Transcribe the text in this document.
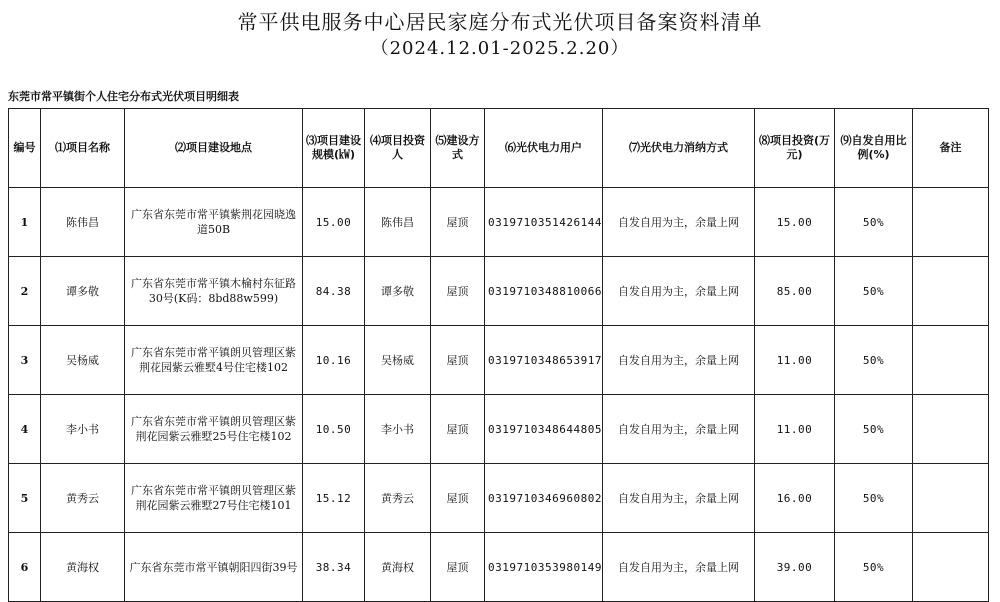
常平供电服务中心居民家庭分布式光伏项目备案资料清单
（2024.12.01-2025.2.20）
东莞市常平镇街个人住宅分布式光伏项目明细表
编号	⑴项目名称	⑵项目建设地点	⑶项目建设规模(㎾)	⑷项目投资人	⑸建设方式	⑹光伏电力用户	⑺光伏电力消纳方式	⑻项目投资(万元)	⑼自发自用比例(%)	备注
1	陈伟昌	广东省东莞市常平镇紫荆花园晓逸道50B	15.00	陈伟昌	屋顶	0319710351426144	自发自用为主，余量上网	15.00	50%	
2	谭多敬	广东省东莞市常平镇木棆村东征路30号(K码：8bd88w599)	84.38	谭多敬	屋顶	0319710348810066	自发自用为主，余量上网	85.00	50%	
3	吴杨威	广东省东莞市常平镇朗贝管理区紫荆花园紫云雅墅4号住宅楼102	10.16	吴杨威	屋顶	0319710348653917	自发自用为主，余量上网	11.00	50%	
4	李小书	广东省东莞市常平镇朗贝管理区紫荆花园紫云雅墅25号住宅楼102	10.50	李小书	屋顶	0319710348644805	自发自用为主，余量上网	11.00	50%	
5	黄秀云	广东省东莞市常平镇朗贝管理区紫荆花园紫云雅墅27号住宅楼101	15.12	黄秀云	屋顶	0319710346960802	自发自用为主，余量上网	16.00	50%	
6	黄海权	广东省东莞市常平镇朝阳四街39号	38.34	黄海权	屋顶	0319710353980149	自发自用为主，余量上网	39.00	50%	
